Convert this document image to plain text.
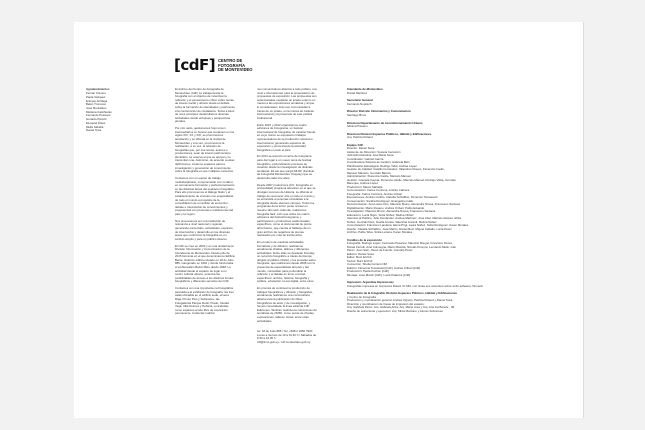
[cdF] CENTRO DE
FOTOGRAFÍA
DE MONTEVIDEO
Agradecimientos
Fernán Cisnero
Paola Vázquez
Enrique Arrillaga
Belén Troncoso
José Montaldeo
Mariana Castiñeiras
Fernando Pesaresi
Gerardo Pierotti
Ezequiel Filiesi
Mella Sabella
Daniel Tosa

El archivo del Centro de Fotografía de Montevideo (CdF) se trabaja desde la fotografía con el objetivo de incentivar la reflexión y el pensamiento crítico sobre temas de interés social y urbano desde el debate sobre la formación de identidades y patrimonio a la construcción de ciudadanía. Todos a favor de unos principios desarrollamos diversas actividades desde enfoques y perspectivas plurales.

Por otro vado, gestionamos hojo tomon intermediarios en buscar que contamos en los siglos XIX, XX y XXI; se promovemos ampliación y se difunda en la ciudad de Montevideo y a la vez, promovemos la realización, a su vez, la reflexión de fotografías que, por sus temas, autores o producciones, sean de interés patrimonial e identitario, se reserva el que se apoyan y lo transmitan una. Asimismo, de acuerdo a estas definiciones, creamos espacios para la investigación y generación de conocimiento sobre la fotografía en sus múltiples contextos.

Contamos con un equipo de trabajo multidisciplinario, comprometido con su labor, en permanente formación y perfeccionamiento en las distintas áreas del quehacer fotográfico. Para ello promovemos el diálogo fluido y el establecimiento de vínculos con especialistas de todo el mundo a propósito de la consolidación de un ámbito de encuentro, debate e intercambio de conocimientos y experiencias con personas e instituciones del país y la región.

Nos proponemos ser una institución de referencia a nivel nacional y regional, generando contenidos, actividades, espacios de intercambio y desarrollo en las diversas áreas que conforman la fotografía en un sentido amplio y para un público diverso.

El CdF se creó en 2002 y es una unidad de la División Información y Comunicación de la Intendencia de Montevideo. Desde julio de 2015 funciona en el que denominamos Edificio Bazar, histórico edificio situado en 18 de Julio 885, inaugurado en 1932 y donde funcionaba el emblemático Bazar Mitre desde 1948. La actividad desde el espacio de lugar a un centro cultural urbano, potencia las posibilidades de acceso a los distintos fondos fotográficos y diferentes servicios del CdF.

Contamos con una importante red fotográfica asociada a la exhibición de fotografía: las tres salas ubicadas en el edificio sede, «Fuera Raja, Primer Piso y Subsuelo», las Fotogalerías Parque Rodó, Prado, Ciudad Vieja, Villa Dolores y Peñarol, concebidas como espacios al aire libre de exposición permanente. Cuida dar realizar

nos comunicativos abiertos a todo público, sus nivel e internacional, para la presentación de propuestas de exposición. Las propuestas son seleccionadas mediante un jurado externo en manos a las exposiciones temáticas y al que lo considerasen; todo son comunicadas a través de un jurado, en la misma de carácter internacional y la presencia de este política institucional.

Entre 2007 y 2012 organizamos cuatro ediciones de Fotograma, un festival internacional de fotografía, de carácter bienal, en cuyo marco se expusieron trabajos representativos de la producción nacional e internacional, generando espacios de exposición y promoviendo la actividad fotográfica en todo el país.

En 2014 se anunció el cierre de fotograma para dar lugar a un nuevo tema de festival fotográfico, profundizando procesos de creación desde la investigación de distintas temáticas. Es así que surgió MUFF (Festival de Fotografía Montevideo Uruguay) que se desarrolla cada tres años.

Desde 2007 producimos [CU: Fotografía en profundidad] programa televisivo en el que se divulgan recursos de Historia, se difunde el trabajo de reconocer arte en todo el mundo y se entrevista a personas vinculadas a la fotografía desde diversos campos. Todos los programas de la tercer poder revisar en nuestro sitio web. Además, realizamos fotografía fácil, ciclo que cubre los cuatro ediciones del festival Fotograma, y participamos y producimos audiovisuales específicos, como el documental de pivote ahrel banco, que cuenta el hallazgo de un gran archivo de negativos de prensa rastreados por más de treinta años.

En el marco de nuestras actividades formativas y de difusión, realizamos anualmente charlas, talleres y diferentes actividades. Entre ellas se destacan Fotoday, un recorrido fotográfico a través del tiempo dirigido al público infantil, y los sematas sobre fotografía, que realizamos desde 2008 con la presencia de especialistas del país y del mundo, consolidan para profundizar la reflexión y el debate en torno a temas específicos: archivo, historia, fotografía y política, educación, la era digital, entre otros.

En procura de continuar la producción de trabajos fotográficos y difusión y fotógrafos, anualmente realizamos una convocatoria abierta para la publicación de libros fotográficos de autor y de investigación, y hemos consolidado la línea editorial CdF Ediciones. También realizamos colecciones de temáticas de OMIFI, como pocas de charlas, exposiciones, talleres, ferias, entre otras actividades.

Av. 18 de Julio 885 / Tel. +598 2 1950 7900
Lunes a viernes de 10 a 19.30 h / Sábados de 9.30 a 16.30 h
cdf@imm.gub.uy / cdf.montevideo.gub.uy
Intendente de Montevideo
Daniel Martínez
Secretario General
Fernando Nopitsch
Director División Información y Comunicación
Santiago Bruni
Directora Departamento de Acondicionamiento Urbano
Silvana Pissano
Directora División Espacios Públicos, Hábitat y Edificaciones
Arq. Patricia Roland
Equipo CdF
Director: Daniel Sosa
Asistente de Dirección: Susana Centurión
Jefa Administrativa: Ana María Sosa
Coordinador: Gabriel García
Coordinadora Sistema de Gestión: Gabriela Belo
Planificación Estratégica: Rodrigo Vidal, Andrea López
Gestión de Calidad: Castillo Fernández, Valentina Chaves, Florencia Cuello,
Marcelo Maneiro, Gonzalo Barrios
Administración: Florencia Castle, Marcelo Manuel
Gestión: Graciela Cayota, Florencia Castle, Marcelo Manuel, Rodrigo Vilela, Gonzalo
Banerjee, Andrea López
Producción: Mauro Martella
Comunicación: Carlos Contrera, Andrés Cabrera
Fotografía: Carlos Contrera, Andrés Cribari
Exposiciones: Andrés Cuitiño, Claudia Schiaffino, Florencia Tomassetti
Conservación: Sandra Rodríguez, Evangelina Gallo
Documentación: Ana Laura Cirio, Mauricio Bruno, Alexandra Nóvoa, Francesco Santana
Digitalización: Mario Rosano, Andrés Cribari, Pablo Eduardo
Investigación: Mauricio Bruno, Alexandra Nóvoa, Francesco Santana
Educación: Lucía Nigro, Sofía Núñez, Melina Núñez
Atención al Público: Julio Fernández, Andrea Martínez, José Abel, Marcelo Alvarez, Erika
Núñez, Gonzalo Ruiz, Noelia Acosta, Valentina Luzardi, Melina Núñez
Comunicación: Francisco Landeira, Elena Pirgi, Laura Núñez, Sofía Rodríguez, Karen Morales
Diseño: Claudia Schiaffino, José Martín, Daniel Ruiz, Miguel Caballo, Lucía Pérez
Archivo: Pablo Silva, Sintia Lezana, Karen Morales
Créditos de la exposición
Fotografía: Rodrigo López, Fernando Pesaresi, Mauricio Bouyat, Francisco Flores,
Daniel Ferrelli, Ariel Colmegna, Mario Marotta, Nicolás Pereyra, Leonardo Mello, Iván
Pérez, Juan Saiz, Jhoan de Fuentti, Gonzalo Pérez
Edición: Daniel Sosa
Editor: Buró El Pub
Textos: Buró El Pub
Corrección: Sheila Cortazo NM
Edición: Florencia Tomassetti [CdF], Andrés Cribari [CdF]
Producción: Paola Kochen [CdF]
Montaje: José Martín [CdF], Lucía Palacios [CdF]
Impresión: Argentina Impresiones
Fotografías impresas en Impresora Rolant XJ 640, con tintas eco solventes sobre vinilo adhesivo Vinmetic
Realización de la fotografía: División Espacios Públicos, Hábitat y Edificaciones
y Centro de Fotografía
Producción y coordinación general: Andrea Vignolo, Patricia Roland y Daniel Sosa
Dirección y coordinación de líneas de impresión del espacio:
Arq. Gabriela Pérez, Arq. Gabriela Ariza, Arq. María José y Arq. Ana Lía Bosole · IM
Diseño de estructuras y ejecución: Arq. Silvia Montano y Alonso Soliverses
